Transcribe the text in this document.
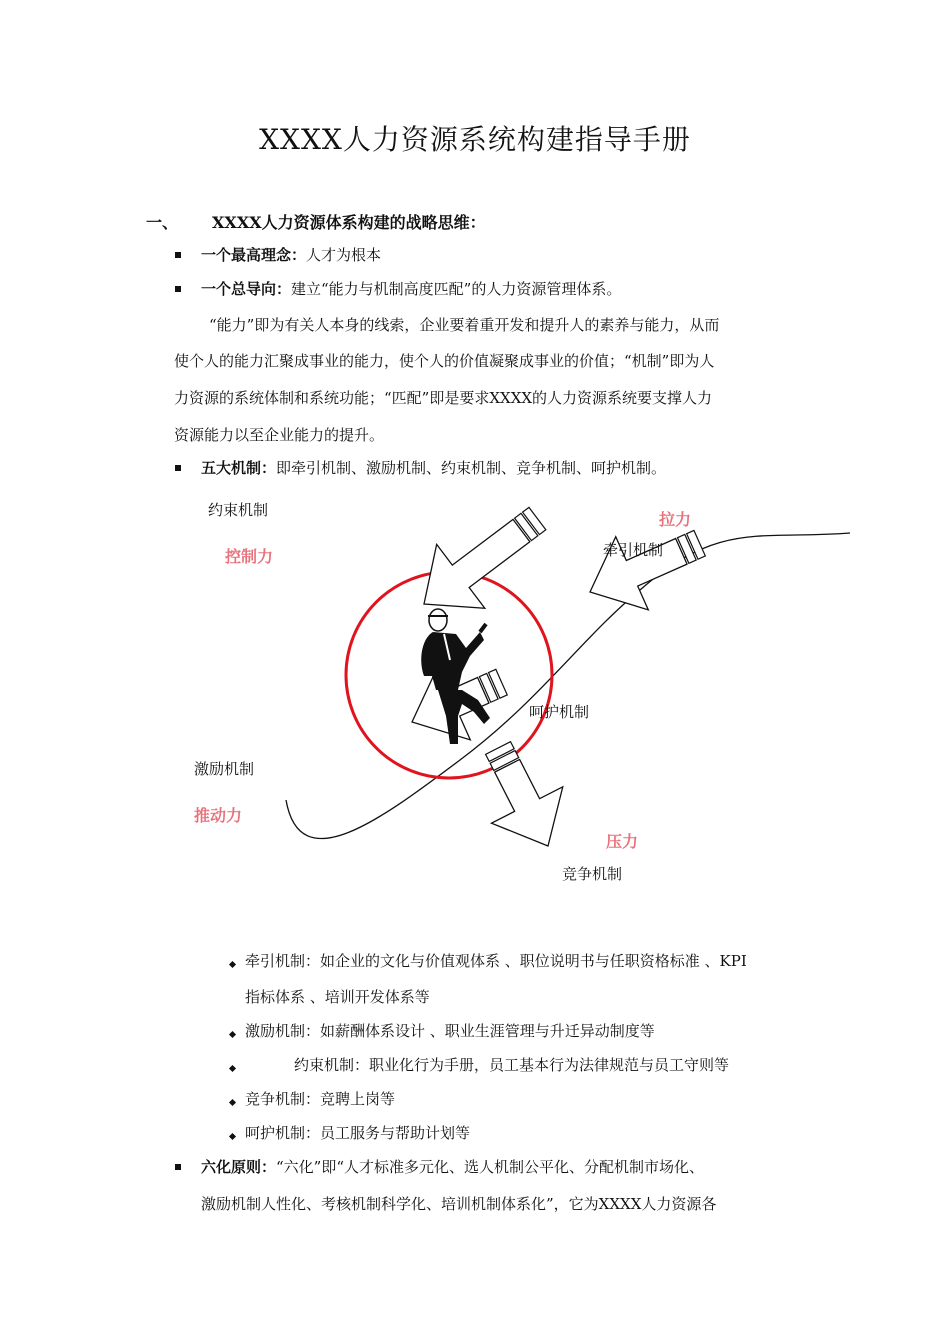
XXXX人力资源系统构建指导手册
一、 XXXX人力资源体系构建的战略思维：
一个最高理念：人才为根本
一个总导向：建立“能力与机制高度匹配”的人力资源管理体系。
“能力”即为有关人本身的线索，企业要着重开发和提升人的素养与能力，从而
使个人的能力汇聚成事业的能力，使个人的价值凝聚成事业的价值；“机制”即为人
力资源的系统体制和系统功能；“匹配”即是要求XXXX的人力资源系统要支撑人力
资源能力以至企业能力的提升。
五大机制：即牵引机制、激励机制、约束机制、竞争机制、呵护机制。
约束机制
控制力
拉力
牵引机制
呵护机制
激励机制
推动力
压力
竞争机制
牵引机制：如企业的文化与价值观体系 、职位说明书与任职资格标准 、KPI
指标体系 、培训开发体系等
激励机制：如薪酬体系设计 、职业生涯管理与升迁异动制度等
约束机制：职业化行为手册，员工基本行为法律规范与员工守则等
竞争机制：竞聘上岗等
呵护机制：员工服务与帮助计划等
六化原则：“六化”即“人才标准多元化、选人机制公平化、分配机制市场化、
激励机制人性化、考核机制科学化、培训机制体系化”，它为XXXX人力资源各
